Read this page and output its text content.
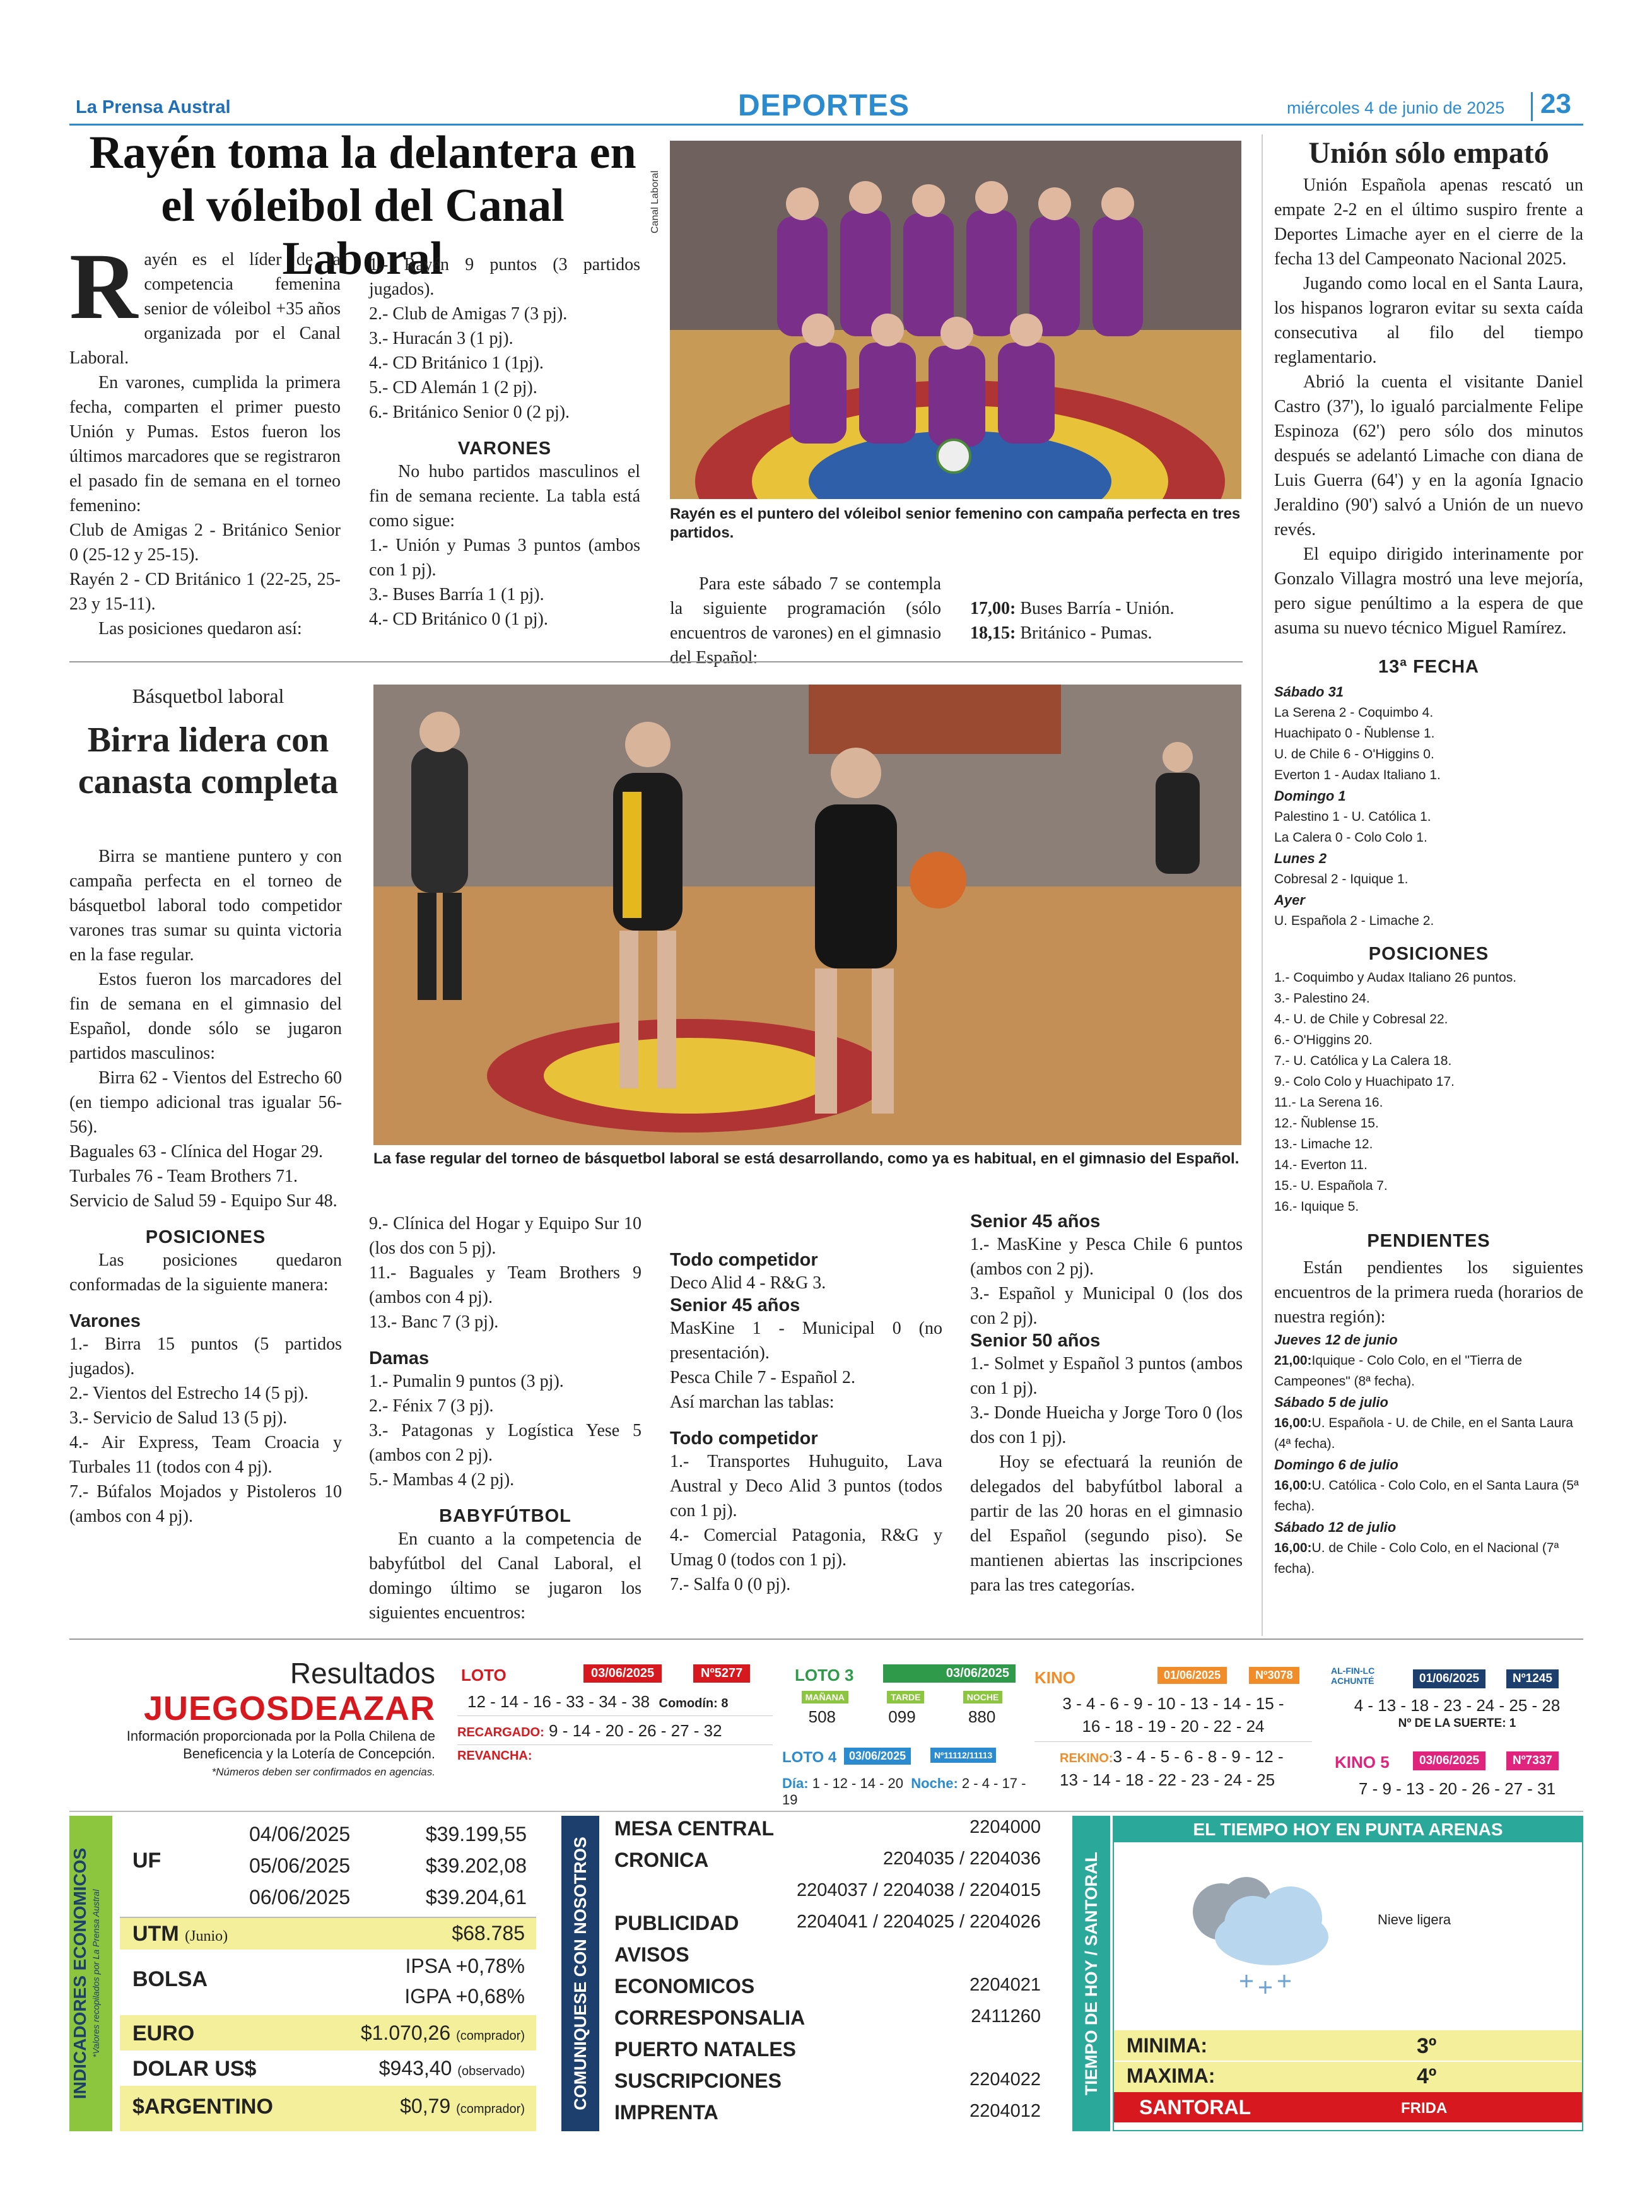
La Prensa Austral	DEPORTES	miércoles 4 de junio de 2025 23
Rayén toma la delantera en
el vóleibol del Canal Laboral
Canal Laboral
Rayén es el puntero del vóleibol senior femenino con campaña perfecta en tres partidos.
R ayén es el líder de la competencia femenina senior de vóleibol +35 años organizada por el Canal Laboral.

En varones, cumplida la primera fecha, comparten el primer puesto Unión y Pumas. Estos fueron los últimos marcadores que se registraron el pasado fin de semana en el torneo femenino:

Club de Amigas 2 - Británico Senior 0 (25-12 y 25-15).

Rayén 2 - CD Británico 1 (22-25, 25-23 y 15-11).

Las posiciones quedaron así:

1.- Rayén 9 puntos (3 partidos jugados).

2.- Club de Amigas 7 (3 pj).

3.- Huracán 3 (1 pj).

4.- CD Británico 1 (1pj).

5.- CD Alemán 1 (2 pj).

6.- Británico Senior 0 (2 pj).

VARONES

No hubo partidos masculinos el fin de semana reciente. La tabla está como sigue:

1.- Unión y Pumas 3 puntos (ambos con 1 pj).

3.- Buses Barría 1 (1 pj).

4.- CD Británico 0 (1 pj).

Para este sábado 7 se contempla la siguiente programación (sólo encuentros de varones) en el gimnasio del Español:

17,00: Buses Barría - Unión.

18,15: Británico - Pumas.

Unión sólo empató

Unión Española apenas rescató un empate 2-2 en el último suspiro frente a Deportes Limache ayer en el cierre de la fecha 13 del Campeonato Nacional 2025.

Jugando como local en el Santa Laura, los hispanos lograron evitar su sexta caída consecutiva al filo del tiempo reglamentario.

Abrió la cuenta el visitante Daniel Castro (37'), lo igualó parcialmente Felipe Espinoza (62') pero sólo dos minutos después se adelantó Limache con diana de Luis Guerra (64') y en la agonía Ignacio Jeraldino (90') salvó a Unión de un nuevo revés.

El equipo dirigido interinamente por Gonzalo Villagra mostró una leve mejoría, pero sigue penúltimo a la espera de que asuma su nuevo técnico Miguel Ramírez.

13ª FECHA

Sábado 31

La Serena 2 - Coquimbo 4.

Huachipato 0 - Ñublense 1.

U. de Chile 6 - O'Higgins 0.

Everton 1 - Audax Italiano 1.

Domingo 1

Palestino 1 - U. Católica 1.

La Calera 0 - Colo Colo 1.

Lunes 2

Cobresal 2 - Iquique 1.

Ayer

U. Española 2 - Limache 2.

POSICIONES

1.- Coquimbo y Audax Italiano 26 puntos.

3.- Palestino 24.

4.- U. de Chile y Cobresal 22.

6.- O'Higgins 20.

7.- U. Católica y La Calera 18.

9.- Colo Colo y Huachipato 17.

11.- La Serena 16.

12.- Ñublense 15.

13.- Limache 12.

14.- Everton 11.

15.- U. Española 7.

16.- Iquique 5.

PENDIENTES

Están pendientes los siguientes encuentros de la primera rueda (horarios de nuestra región):

Jueves 12 de junio

21,00:Iquique - Colo Colo, en el "Tierra de Campeones" (8ª fecha).

Sábado 5 de julio

16,00:U. Española - U. de Chile, en el Santa Laura (4ª fecha).

Domingo 6 de julio

16,00:U. Católica - Colo Colo, en el Santa Laura (5ª fecha).

Sábado 12 de julio

16,00:U. de Chile - Colo Colo, en el Nacional (7ª fecha).

Básquetbol laboral
Birra lidera con
canasta completa
La fase regular del torneo de básquetbol laboral se está desarrollando, como ya es habitual, en el gimnasio del Español.

Birra se mantiene puntero y con campaña perfecta en el torneo de básquetbol laboral todo competidor varones tras sumar su quinta victoria en la fase regular.

Estos fueron los marcadores del fin de semana en el gimnasio del Español, donde sólo se jugaron partidos masculinos:

Birra 62 - Vientos del Estrecho 60 (en tiempo adicional tras igualar 56-56).

Baguales 63 - Clínica del Hogar 29.

Turbales 76 - Team Brothers 71.

Servicio de Salud 59 - Equipo Sur 48.

POSICIONES

Las posiciones quedaron conformadas de la siguiente manera:

Varones

1.- Birra 15 puntos (5 partidos jugados).

2.- Vientos del Estrecho 14 (5 pj).

3.- Servicio de Salud 13 (5 pj).

4.- Air Express, Team Croacia y Turbales 11 (todos con 4 pj).

7.- Búfalos Mojados y Pistoleros 10 (ambos con 4 pj).

9.- Clínica del Hogar y Equipo Sur 10 (los dos con 5 pj).

11.- Baguales y Team Brothers 9 (ambos con 4 pj).

13.- Banc 7 (3 pj).

Damas

1.- Pumalin 9 puntos (3 pj).

2.- Fénix 7 (3 pj).

3.- Patagonas y Logística Yese 5 (ambos con 2 pj).

5.- Mambas 4 (2 pj).

BABYFÚTBOL

En cuanto a la competencia de babyfútbol del Canal Laboral, el domingo último se jugaron los siguientes encuentros:

Todo competidor

Deco Alid 4 - R&G 3.

Senior 45 años

MasKine 1 - Municipal 0 (no presentación).

Pesca Chile 7 - Español 2.

Así marchan las tablas:

Todo competidor

1.- Transportes Huhuguito, Lava Austral y Deco Alid 3 puntos (todos con 1 pj).

4.- Comercial Patagonia, R&G y Umag 0 (todos con 1 pj).

7.- Salfa 0 (0 pj).

Senior 45 años

1.- MasKine y Pesca Chile 6 puntos (ambos con 2 pj).

3.- Español y Municipal 0 (los dos con 2 pj).

Senior 50 años

1.- Solmet y Español 3 puntos (ambos con 1 pj).

3.- Donde Hueicha y Jorge Toro 0 (los dos con 1 pj).

Hoy se efectuará la reunión de delegados del babyfútbol laboral a partir de las 20 horas en el gimnasio del Español (segundo piso). Se mantienen abiertas las inscripciones para las tres categorías.

Resultados
JUEGOSDEAZAR
Información proporcionada por la Polla Chilena de Beneficencia y la Lotería de Concepción.
*Números deben ser confirmados en agencias.
LOTO	03/06/2025	Nº5277
12 - 14 - 16 - 33 - 34 - 38 Comodín: 8
RECARGADO: 9 - 14 - 20 - 26 - 27 - 32
REVANCHA:
LOTO 3	03/06/2025
MAÑANA	TARDE	NOCHE
508	099	880
LOTO 4	03/06/2025	Nº11112/11113
Día: 1 - 12 - 14 - 20 Noche: 2 - 4 - 17 - 19
KINO	01/06/2025	Nº3078
3 - 4 - 6 - 9 - 10 - 13 - 14 - 15 -
16 - 18 - 19 - 20 - 22 - 24
REKINO:3 - 4 - 5 - 6 - 8 - 9 - 12 -
13 - 14 - 18 - 22 - 23 - 24 - 25
AL-FIN-LC ACHUNTÉ	01/06/2025	Nº1245
4 - 13 - 18 - 23 - 24 - 25 - 28
Nº DE LA SUERTE: 1
KINO 5	03/06/2025	Nº7337
7 - 9 - 13 - 20 - 26 - 27 - 31
INDICADORES ECONOMICOS *Valores recopilados por La Prensa Austral
UF
04/06/2025	$39.199,55
05/06/2025	$39.202,08
06/06/2025	$39.204,61
UTM (Junio)	$68.785
BOLSA
IPSA +0,78%
IGPA +0,68%
EURO	$1.070,26 (comprador)
DOLAR US$	$943,40 (observado)
$ARGENTINO	$0,79 (comprador)	COMUNIQUESE CON NOSOTROS
MESA CENTRAL	2204000
CRONICA	2204035 / 2204036
2204037 / 2204038 / 2204015
PUBLICIDAD	2204041 / 2204025 / 2204026
AVISOS
ECONOMICOS	2204021
CORRESPONSALIA	2411260
PUERTO NATALES
SUSCRIPCIONES	2204022
IMPRENTA	2204012
TIEMPO DE HOY / SANTORAL
EL TIEMPO HOY EN PUNTA ARENAS
Nieve ligera
MINIMA:	3º
MAXIMA:	4º
SANTORAL	FRIDA
